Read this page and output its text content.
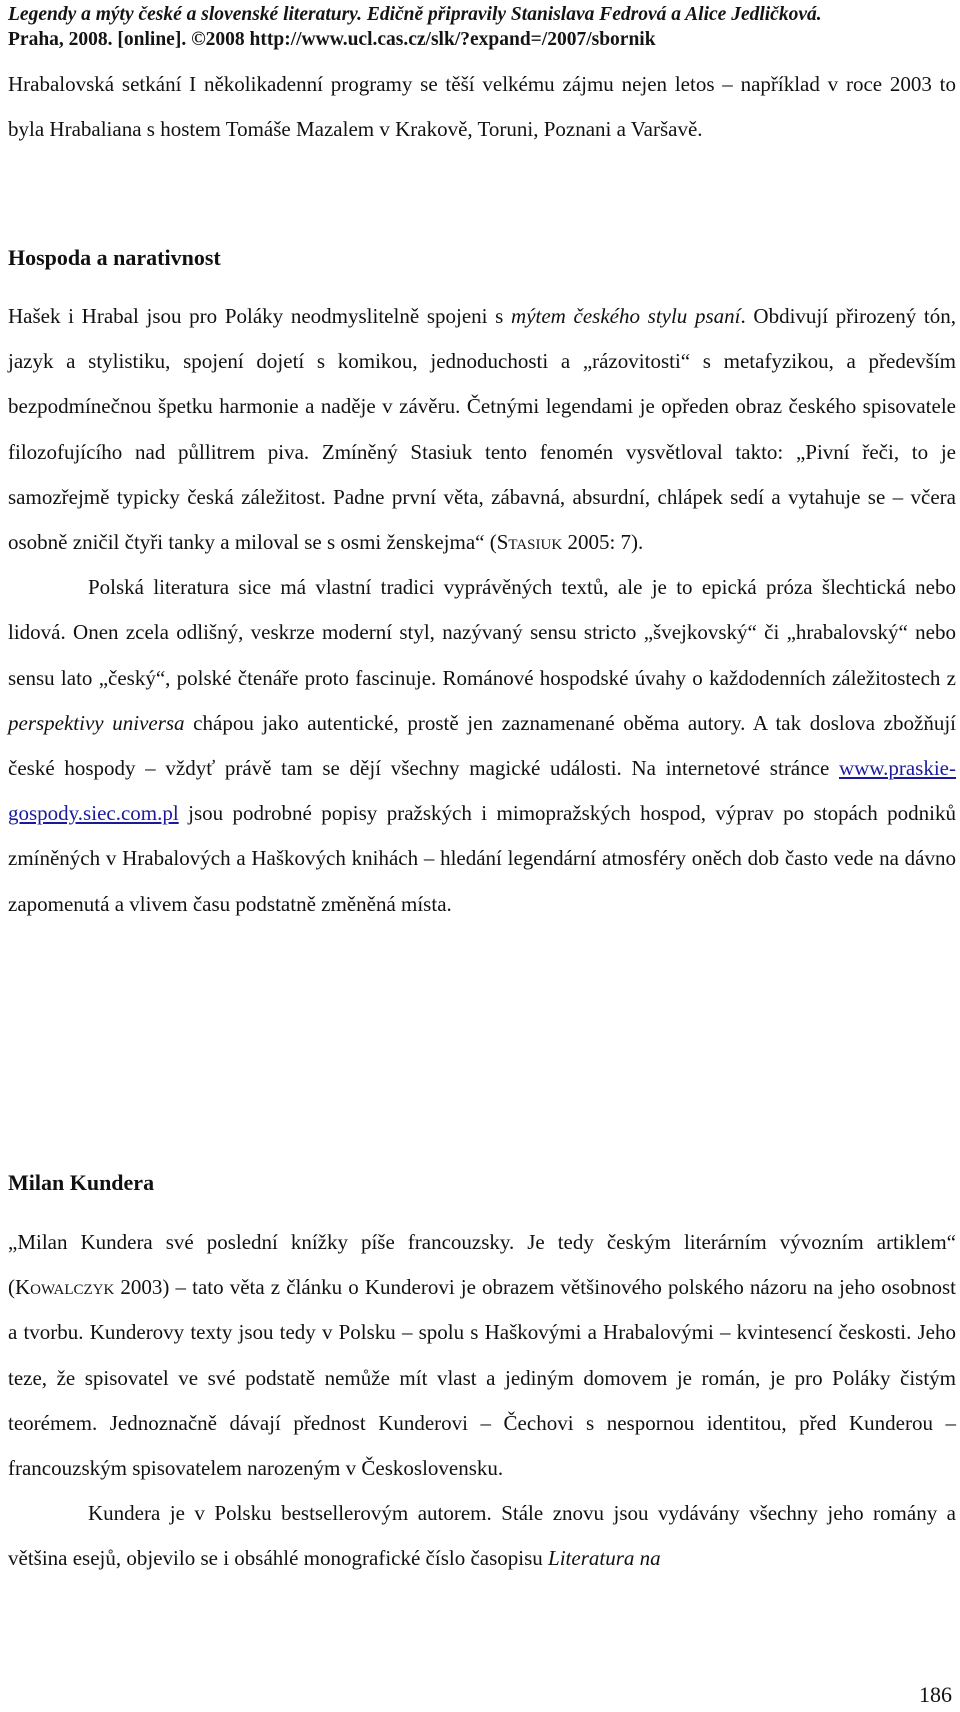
Legendy a mýty české a slovenské literatury. Edičně připravily Stanislava Fedrová a Alice Jedličková.
Praha, 2008. [online]. ©2008 http://www.ucl.cas.cz/slk/?expand=/2007/sbornik

Hrabalovská setkání I několikadenní programy se těší velkému zájmu nejen letos – například v roce 2003 to byla Hrabaliana s hostem Tomáše Mazalem v Krakově, Toruni, Poznani a Varšavě.

Hospoda a narativnost

Hašek i Hrabal jsou pro Poláky neodmyslitelně spojeni s mýtem českého stylu psaní. Obdivují přirozený tón, jazyk a stylistiku, spojení dojetí s komikou, jednoduchosti a „rázovitosti“ s metafyzikou, a především bezpodmínečnou špetku harmonie a naděje v závěru. Četnými legendami je opředen obraz českého spisovatele filozofujícího nad půllitrem piva. Zmíněný Stasiuk tento fenomén vysvětloval takto: „Pivní řeči, to je samozřejmě typicky česká záležitost. Padne první věta, zábavná, absurdní, chlápek sedí a vytahuje se – včera osobně zničil čtyři tanky a miloval se s osmi ženskejma“ (Stasiuk 2005: 7).

Polská literatura sice má vlastní tradici vyprávěných textů, ale je to epická próza šlechtická nebo lidová. Onen zcela odlišný, veskrze moderní styl, nazývaný sensu stricto „švejkovský“ či „hrabalovský“ nebo sensu lato „český“, polské čtenáře proto fascinuje. Románové hospodské úvahy o každodenních záležitostech z perspektivy universa chápou jako autentické, prostě jen zaznamenané oběma autory. A tak doslova zbožňují české hospody – vždyť právě tam se dějí všechny magické události. Na internetové stránce www.praskie-gospody.siec.com.pl jsou podrobné popisy pražských i mimopražských hospod, výprav po stopách podniků zmíněných v Hrabalových a Haškových knihách – hledání legendární atmosféry oněch dob často vede na dávno zapomenutá a vlivem času podstatně změněná místa.

Milan Kundera

„Milan Kundera své poslední knížky píše francouzsky. Je tedy českým literárním vývozním artiklem“ (Kowalczyk 2003) – tato věta z článku o Kunderovi je obrazem většinového polského názoru na jeho osobnost a tvorbu. Kunderovy texty jsou tedy v Polsku – spolu s Haškovými a Hrabalovými – kvintesencí českosti. Jeho teze, že spisovatel ve své podstatě nemůže mít vlast a jediným domovem je román, je pro Poláky čistým teorémem. Jednoznačně dávají přednost Kunderovi – Čechovi s nespornou identitou, před Kunderou – francouzským spisovatelem narozeným v Československu.

Kundera je v Polsku bestsellerovým autorem. Stále znovu jsou vydávány všechny jeho romány a většina esejů, objevilo se i obsáhlé monografické číslo časopisu Literatura na

186
